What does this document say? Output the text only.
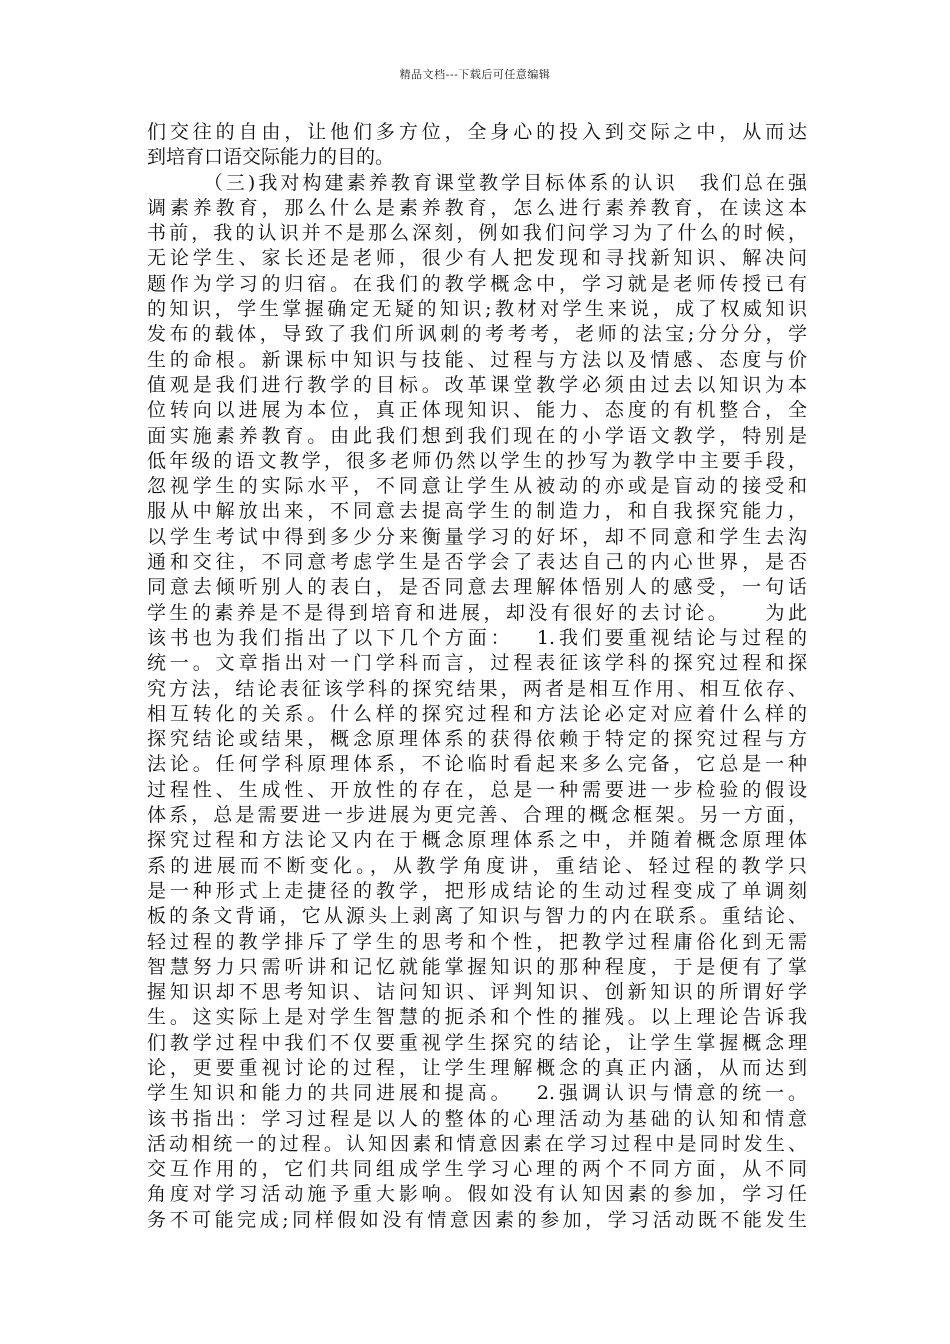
精品文档---下载后可任意编辑
们交往的自由，让他们多方位，全身心的投入到交际之中，从而达
到培育口语交际能力的目的。
　　　（三)我对构建素养教育课堂教学目标体系的认识　我们总在强
调素养教育，那么什么是素养教育，怎么进行素养教育，在读这本
书前，我的认识并不是那么深刻，例如我们问学习为了什么的时候，
无论学生、家长还是老师，很少有人把发现和寻找新知识、解决问
题作为学习的归宿。在我们的教学概念中，学习就是老师传授已有
的知识，学生掌握确定无疑的知识;教材对学生来说，成了权威知识
发布的载体，导致了我们所讽刺的考考考，老师的法宝;分分分，学
生的命根。新课标中知识与技能、过程与方法以及情感、态度与价
值观是我们进行教学的目标。改革课堂教学必须由过去以知识为本
位转向以进展为本位，真正体现知识、能力、态度的有机整合，全
面实施素养教育。由此我们想到我们现在的小学语文教学，特别是
低年级的语文教学，很多老师仍然以学生的抄写为教学中主要手段，
忽视学生的实际水平，不同意让学生从被动的亦或是盲动的接受和
服从中解放出来，不同意去提高学生的制造力，和自我探究能力，
以学生考试中得到多少分来衡量学习的好坏，却不同意和学生去沟
通和交往，不同意考虑学生是否学会了表达自己的内心世界，是否
同意去倾听别人的表白，是否同意去理解体悟别人的感受，一句话
学生的素养是不是得到培育和进展，却没有很好的去讨论。　　为此
该书也为我们指出了以下几个方面：　 1.我们要重视结论与过程的
统一。文章指出对一门学科而言，过程表征该学科的探究过程和探
究方法，结论表征该学科的探究结果，两者是相互作用、相互依存、
相互转化的关系。什么样的探究过程和方法论必定对应着什么样的
探究结论或结果，概念原理体系的获得依赖于特定的探究过程与方
法论。任何学科原理体系，不论临时看起来多么完备，它总是一种
过程性、生成性、开放性的存在，总是一种需要进一步检验的假设
体系，总是需要进一步进展为更完善、合理的概念框架。另一方面，
探究过程和方法论又内在于概念原理体系之中，并随着概念原理体
系的进展而不断变化。，从教学角度讲，重结论、轻过程的教学只
是一种形式上走捷径的教学，把形成结论的生动过程变成了单调刻
板的条文背诵，它从源头上剥离了知识与智力的内在联系。重结论、
轻过程的教学排斥了学生的思考和个性，把教学过程庸俗化到无需
智慧努力只需听讲和记忆就能掌握知识的那种程度，于是便有了掌
握知识却不思考知识、诘问知识、评判知识、创新知识的所谓好学
生。这实际上是对学生智慧的扼杀和个性的摧残。以上理论告诉我
们教学过程中我们不仅要重视学生探究的结论，让学生掌握概念理
论，更要重视讨论的过程，让学生理解概念的真正内涵，从而达到
学生知识和能力的共同进展和提高。　 2.强调认识与情意的统一。
该书指出：学习过程是以人的整体的心理活动为基础的认知和情意
活动相统一的过程。认知因素和情意因素在学习过程中是同时发生、
交互作用的，它们共同组成学生学习心理的两个不同方面，从不同
角度对学习活动施予重大影响。假如没有认知因素的参加，学习任
务不可能完成;同样假如没有情意因素的参加，学习活动既不能发生
